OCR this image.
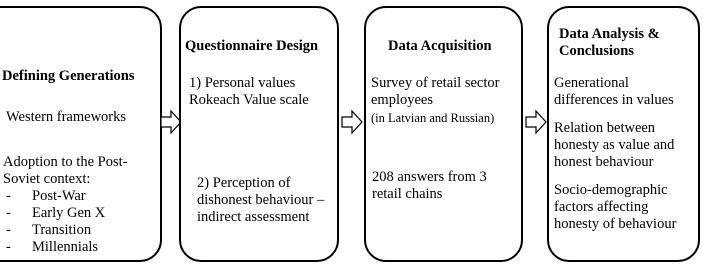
Defining Generations

Western frameworks

Adoption to the Post-

Soviet context:

- Post-War
- Early Gen X
- Transition
- Millennials

Questionnaire Design

1) Personal values

Rokeach Value scale

2) Perception of

dishonest behaviour –

indirect assessment

Data Acquisition

Survey of retail sector

employees

(in Latvian and Russian)

208 answers from 3

retail chains

Data Analysis &

Conclusions

Generational

differences in values

Relation between

honesty as value and

honest behaviour

Socio-demographic

factors affecting

honesty of behaviour
